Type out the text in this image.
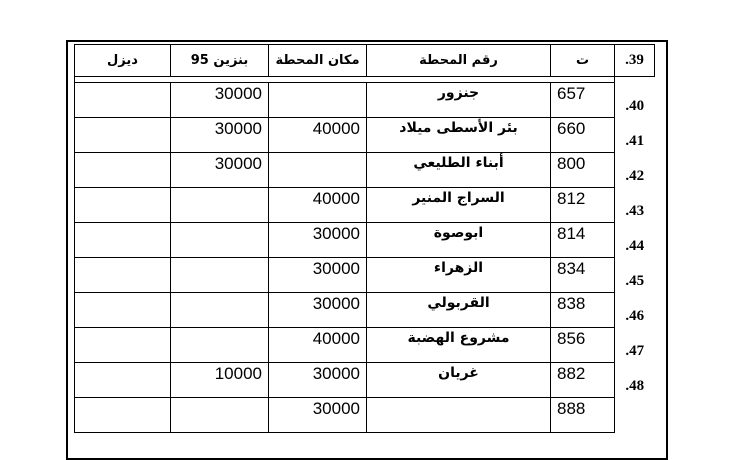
ديزل	بنزين 95	مكان المحطة	رقم المحطة	ت	.39

	30000		جنزور	657	.40
	30000	40000	بئر الأسطى ميلاد	660	.41
	30000		أبناء الطليعي	800	.42
		40000	السراج المنير	812	.43
		30000	ابوصوة	814	.44
		30000	الزهراء	834	.45
		30000	القربولي	838	.46
		40000	مشروع الهضبة	856	.47
	10000	30000	غريان	882	.48
		30000		888	
